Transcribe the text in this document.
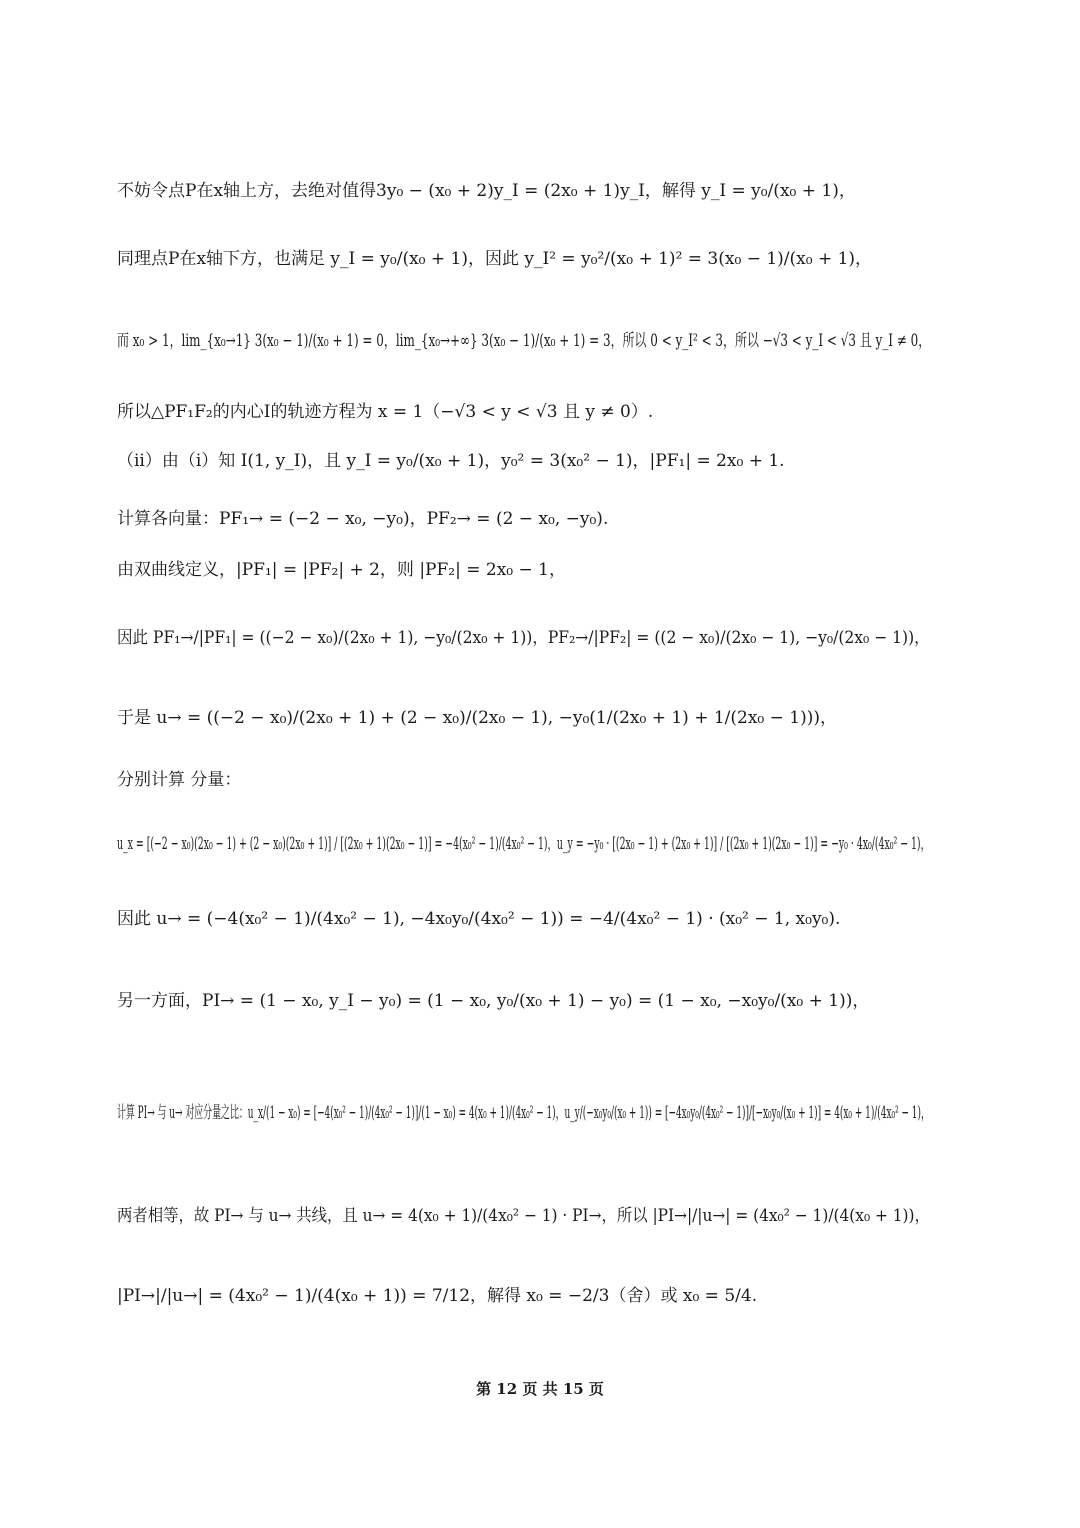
不妨令点P在x轴上方，去绝对值得3y₀ − (x₀ + 2)y_I = (2x₀ + 1)y_I，解得 y_I = y₀/(x₀ + 1)，
同理点P在x轴下方，也满足 y_I = y₀/(x₀ + 1)，因此 y_I² = y₀²/(x₀ + 1)² = 3(x₀ − 1)/(x₀ + 1)，
而 x₀ > 1，lim_{x₀→1} 3(x₀ − 1)/(x₀ + 1) = 0，lim_{x₀→+∞} 3(x₀ − 1)/(x₀ + 1) = 3，所以 0 < y_I² < 3，所以 −√3 < y_I < √3 且 y_I ≠ 0，
所以△PF₁F₂的内心I的轨迹方程为 x = 1（−√3 < y < √3 且 y ≠ 0）.
（ii）由（i）知 I(1, y_I)，且 y_I = y₀/(x₀ + 1)，y₀² = 3(x₀² − 1)，|PF₁| = 2x₀ + 1.
计算各向量：PF₁→ = (−2 − x₀, −y₀)，PF₂→ = (2 − x₀, −y₀).
由双曲线定义，|PF₁| = |PF₂| + 2，则 |PF₂| = 2x₀ − 1，
因此 PF₁→/|PF₁| = ((−2 − x₀)/(2x₀ + 1), −y₀/(2x₀ + 1))，PF₂→/|PF₂| = ((2 − x₀)/(2x₀ − 1), −y₀/(2x₀ − 1))，
于是 u→ = ((−2 − x₀)/(2x₀ + 1) + (2 − x₀)/(2x₀ − 1), −y₀(1/(2x₀ + 1) + 1/(2x₀ − 1)))，
分别计算 分量：
u_x = [(−2 − x₀)(2x₀ − 1) + (2 − x₀)(2x₀ + 1)] / [(2x₀ + 1)(2x₀ − 1)] = −4(x₀² − 1)/(4x₀² − 1)，u_y = −y₀ · [(2x₀ − 1) + (2x₀ + 1)] / [(2x₀ + 1)(2x₀ − 1)] = −y₀ · 4x₀/(4x₀² − 1)，
因此 u→ = (−4(x₀² − 1)/(4x₀² − 1), −4x₀y₀/(4x₀² − 1)) = −4/(4x₀² − 1) · (x₀² − 1, x₀y₀).
另一方面，PI→ = (1 − x₀, y_I − y₀) = (1 − x₀, y₀/(x₀ + 1) − y₀) = (1 − x₀, −x₀y₀/(x₀ + 1))，
计算 PI→ 与 u→ 对应分量之比：u_x/(1 − x₀) = [−4(x₀² − 1)/(4x₀² − 1)]/(1 − x₀) = 4(x₀ + 1)/(4x₀² − 1)，u_y/(−x₀y₀/(x₀ + 1)) = [−4x₀y₀/(4x₀² − 1)]/[−x₀y₀/(x₀ + 1)] = 4(x₀ + 1)/(4x₀² − 1)，
两者相等，故 PI→ 与 u→ 共线，且 u→ = 4(x₀ + 1)/(4x₀² − 1) · PI→，所以 |PI→|/|u→| = (4x₀² − 1)/(4(x₀ + 1))，
|PI→|/|u→| = (4x₀² − 1)/(4(x₀ + 1)) = 7/12，解得 x₀ = −2/3（舍）或 x₀ = 5/4.
第 12 页 共 15 页
